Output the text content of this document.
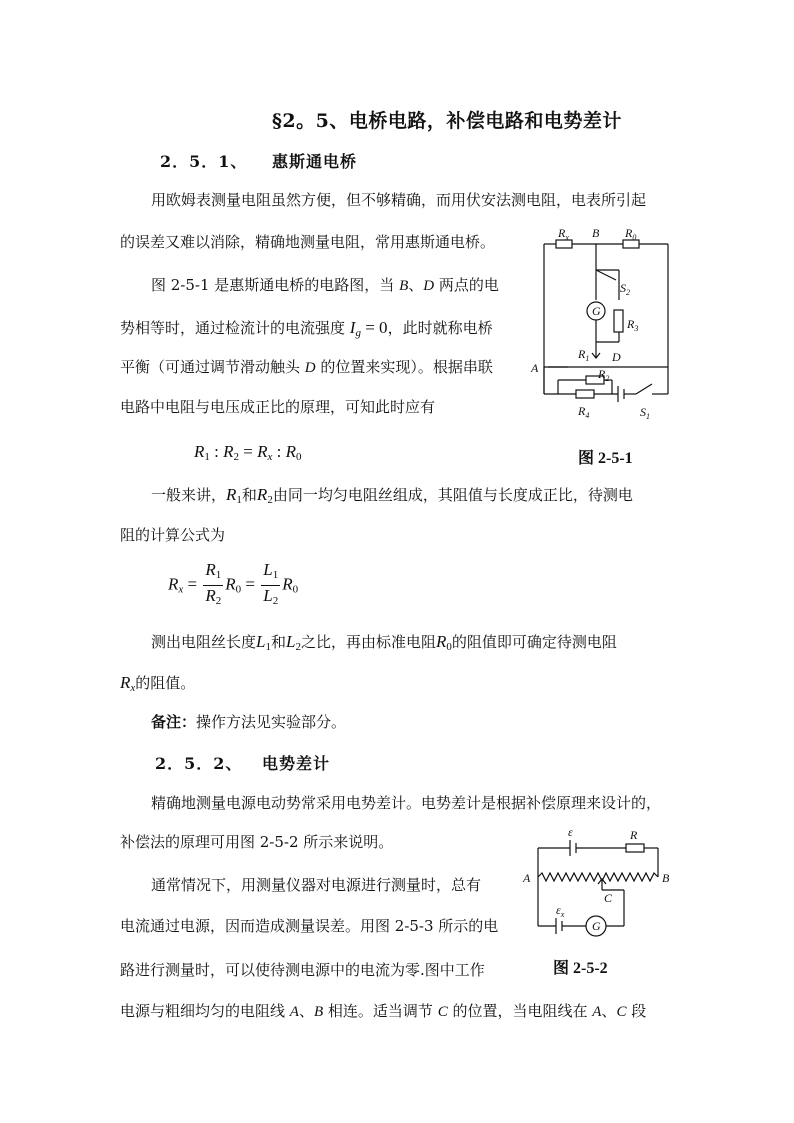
§2。5、电桥电路，补偿电路和电势差计
2．5．1、 惠斯通电桥
用欧姆表测量电阻虽然方便，但不够精确，而用伏安法测电阻，电表所引起
的误差又难以消除，精确地测量电阻，常用惠斯通电桥。
图 2-5-1 是惠斯通电桥的电路图，当 B、D 两点的电
势相等时，通过检流计的电流强度 $I_g = 0$，此时就称电桥
平衡（可通过调节滑动触头 D 的位置来实现）。根据串联
电路中电阻与电压成正比的原理，可知此时应有
$R_1$ : $R_2 = R_x$ : $R_0$
$R_x$ B $R_0$
$S_2$
G
$R_3$
$R_1$ D
A	$R_2$
$R_4$	$S_1$
图 2-5-1
一般来讲，$R_1$和$R_2$由同一均匀电阻丝组成，其阻值与长度成正比，待测电
阻的计算公式为
$R_x = \frac{R_1}{R_2} R_0 = \frac{L_1}{L_2} R_0$
测出电阻丝长度$L_1$和$L_2$之比，再由标准电阻$R_0$的阻值即可确定待测电阻
$R_x$的阻值。
备注：操作方法见实验部分。
2．5．2、 电势差计
精确地测量电源电动势常采用电势差计。电势差计是根据补偿原理来设计的，
补偿法的原理可用图 2-5-2 所示来说明。
通常情况下，用测量仪器对电源进行测量时，总有
电流通过电源，因而造成测量误差。用图 2-5-3 所示的电
路进行测量时，可以使待测电源中的电流为零.图中工作
电源与粗细均匀的电阻线 A、B 相连。适当调节 C 的位置，当电阻线在 A、C 段
ε	R
A	B
C
$\varepsilon_x$
G
图 2-5-2
